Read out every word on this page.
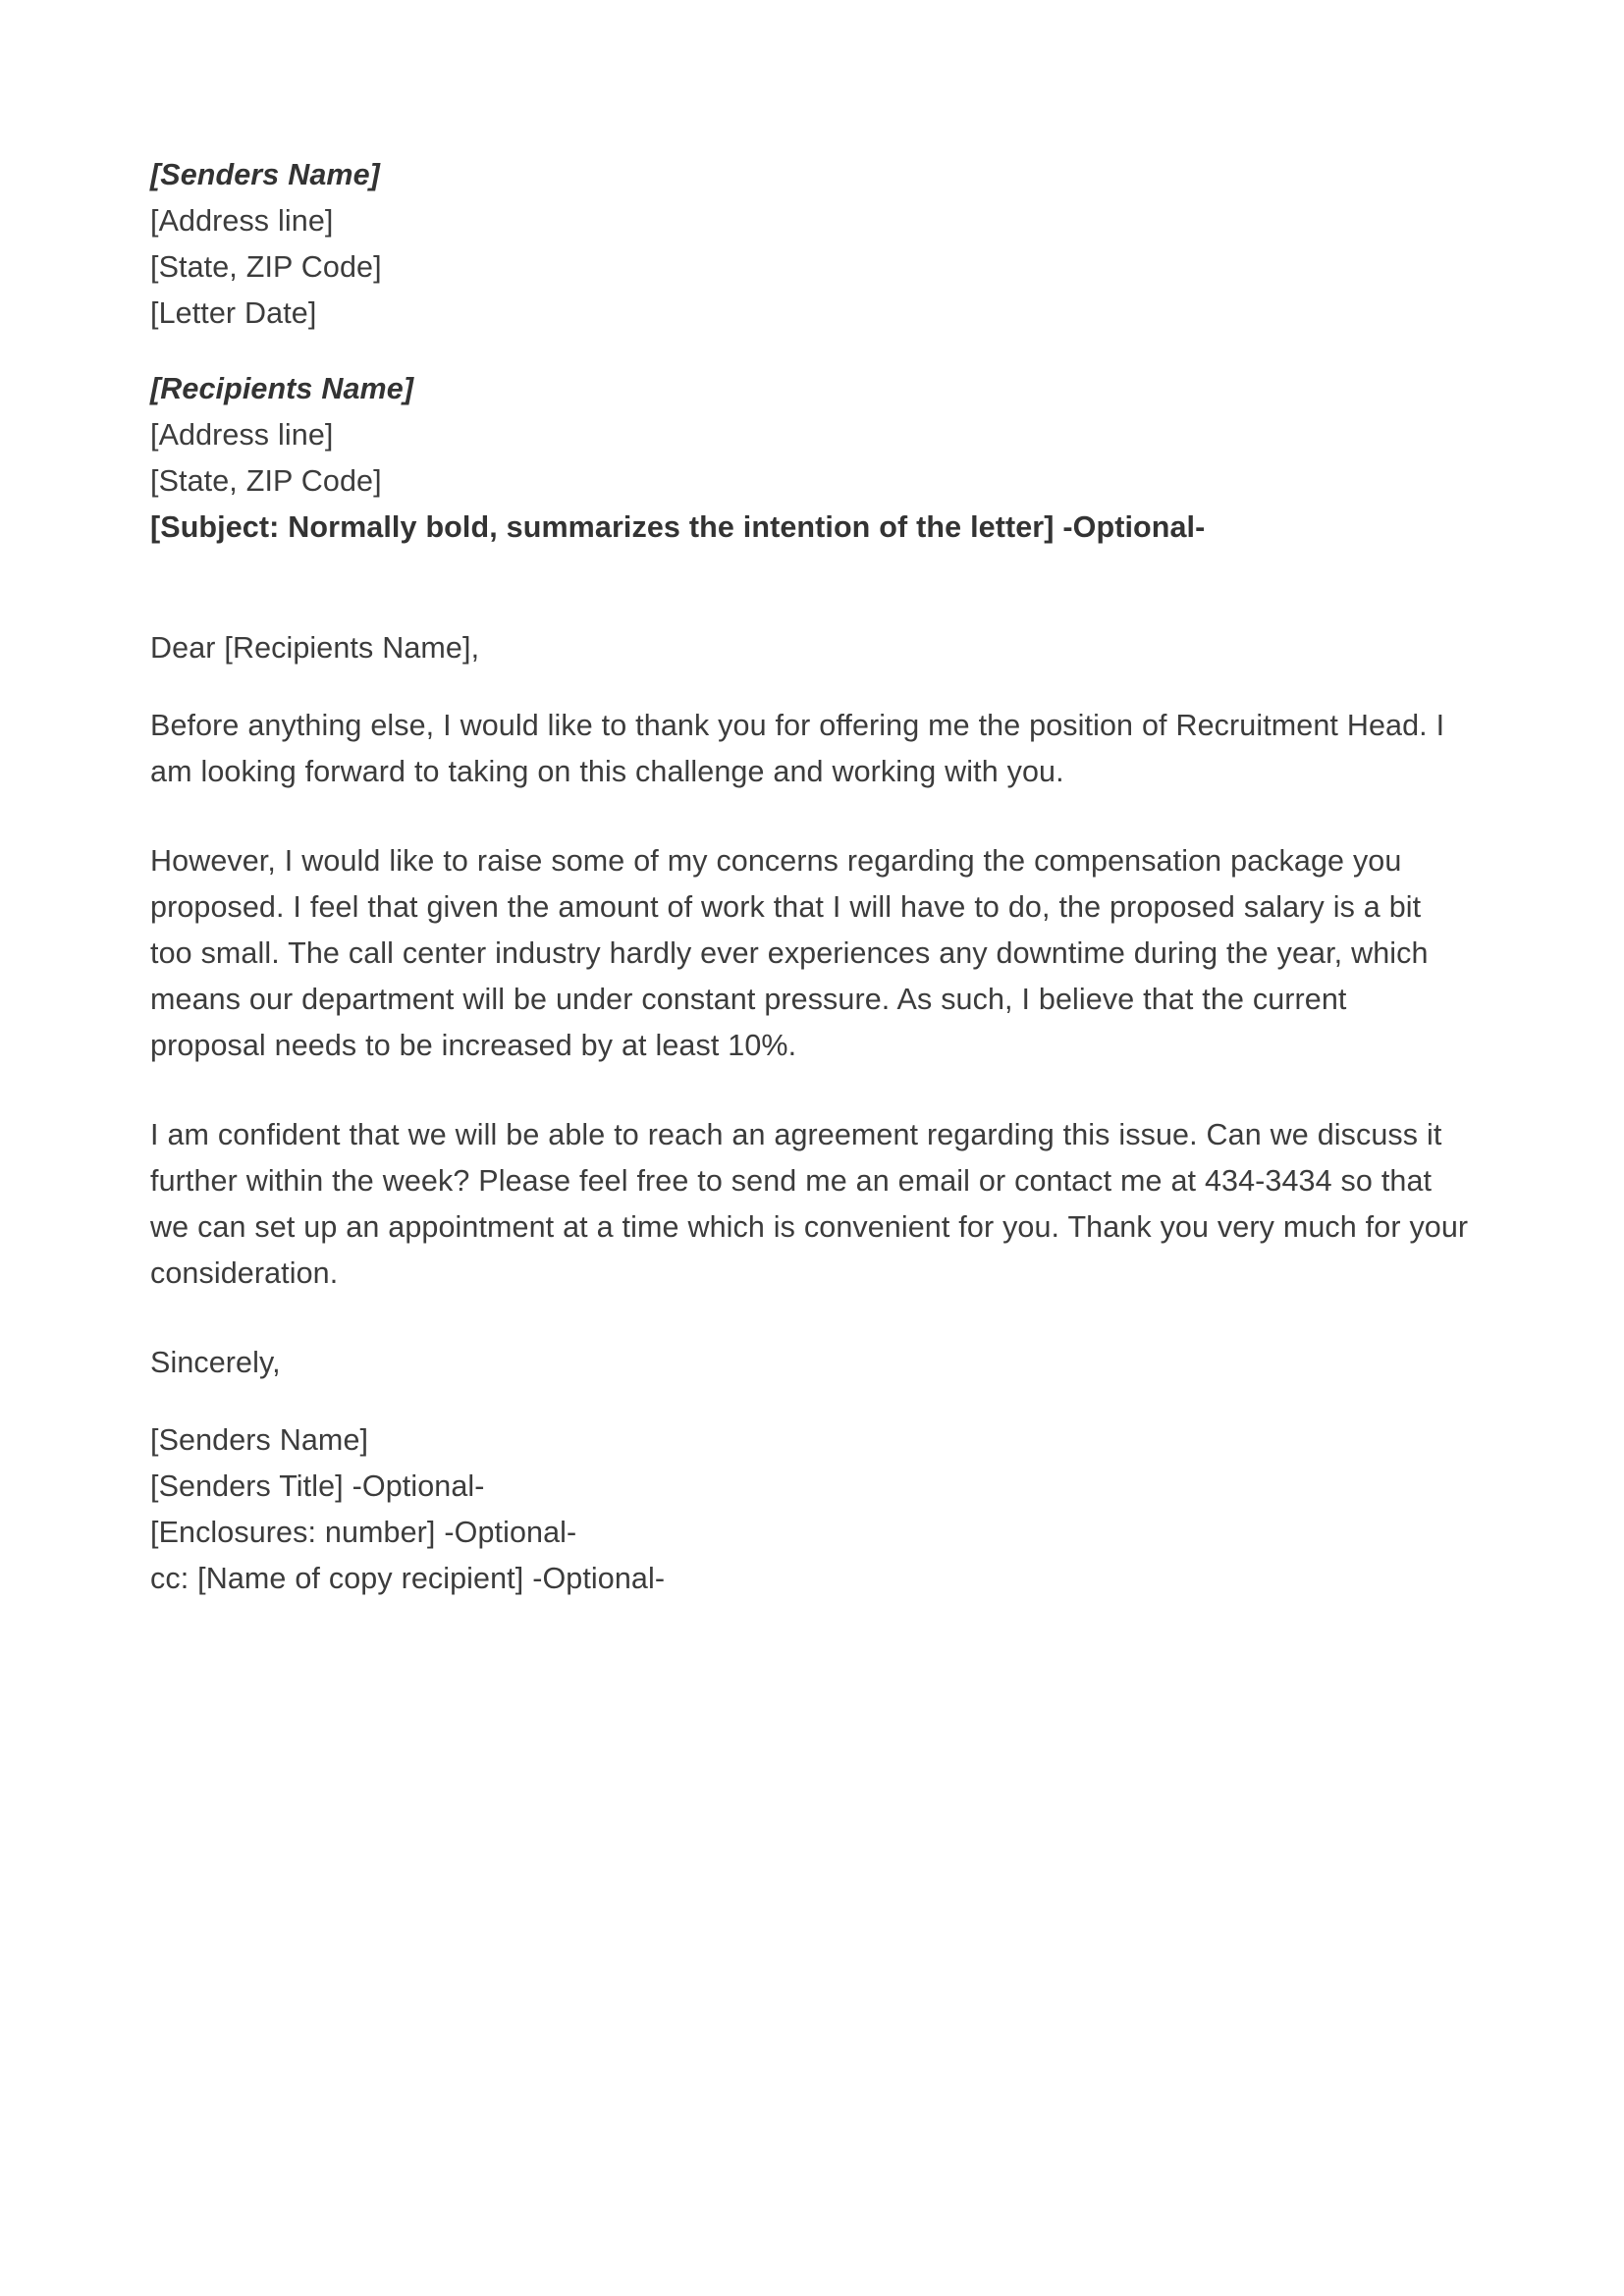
[Senders Name]
[Address line]
[State, ZIP Code]
[Letter Date]
[Recipients Name]
[Address line]
[State, ZIP Code]
[Subject: Normally bold, summarizes the intention of the letter] -Optional-
Dear [Recipients Name],

Before anything else, I would like to thank you for offering me the position of Recruitment Head. I am looking forward to taking on this challenge and working with you.

However, I would like to raise some of my concerns regarding the compensation package you proposed. I feel that given the amount of work that I will have to do, the proposed salary is a bit too small. The call center industry hardly ever experiences any downtime during the year, which means our department will be under constant pressure. As such, I believe that the current proposal needs to be increased by at least 10%.

I am confident that we will be able to reach an agreement regarding this issue. Can we discuss it further within the week? Please feel free to send me an email or contact me at 434-3434 so that we can set up an appointment at a time which is convenient for you. Thank you very much for your consideration.

Sincerely,
[Senders Name]
[Senders Title] -Optional-
[Enclosures: number] -Optional-
cc: [Name of copy recipient] -Optional-
